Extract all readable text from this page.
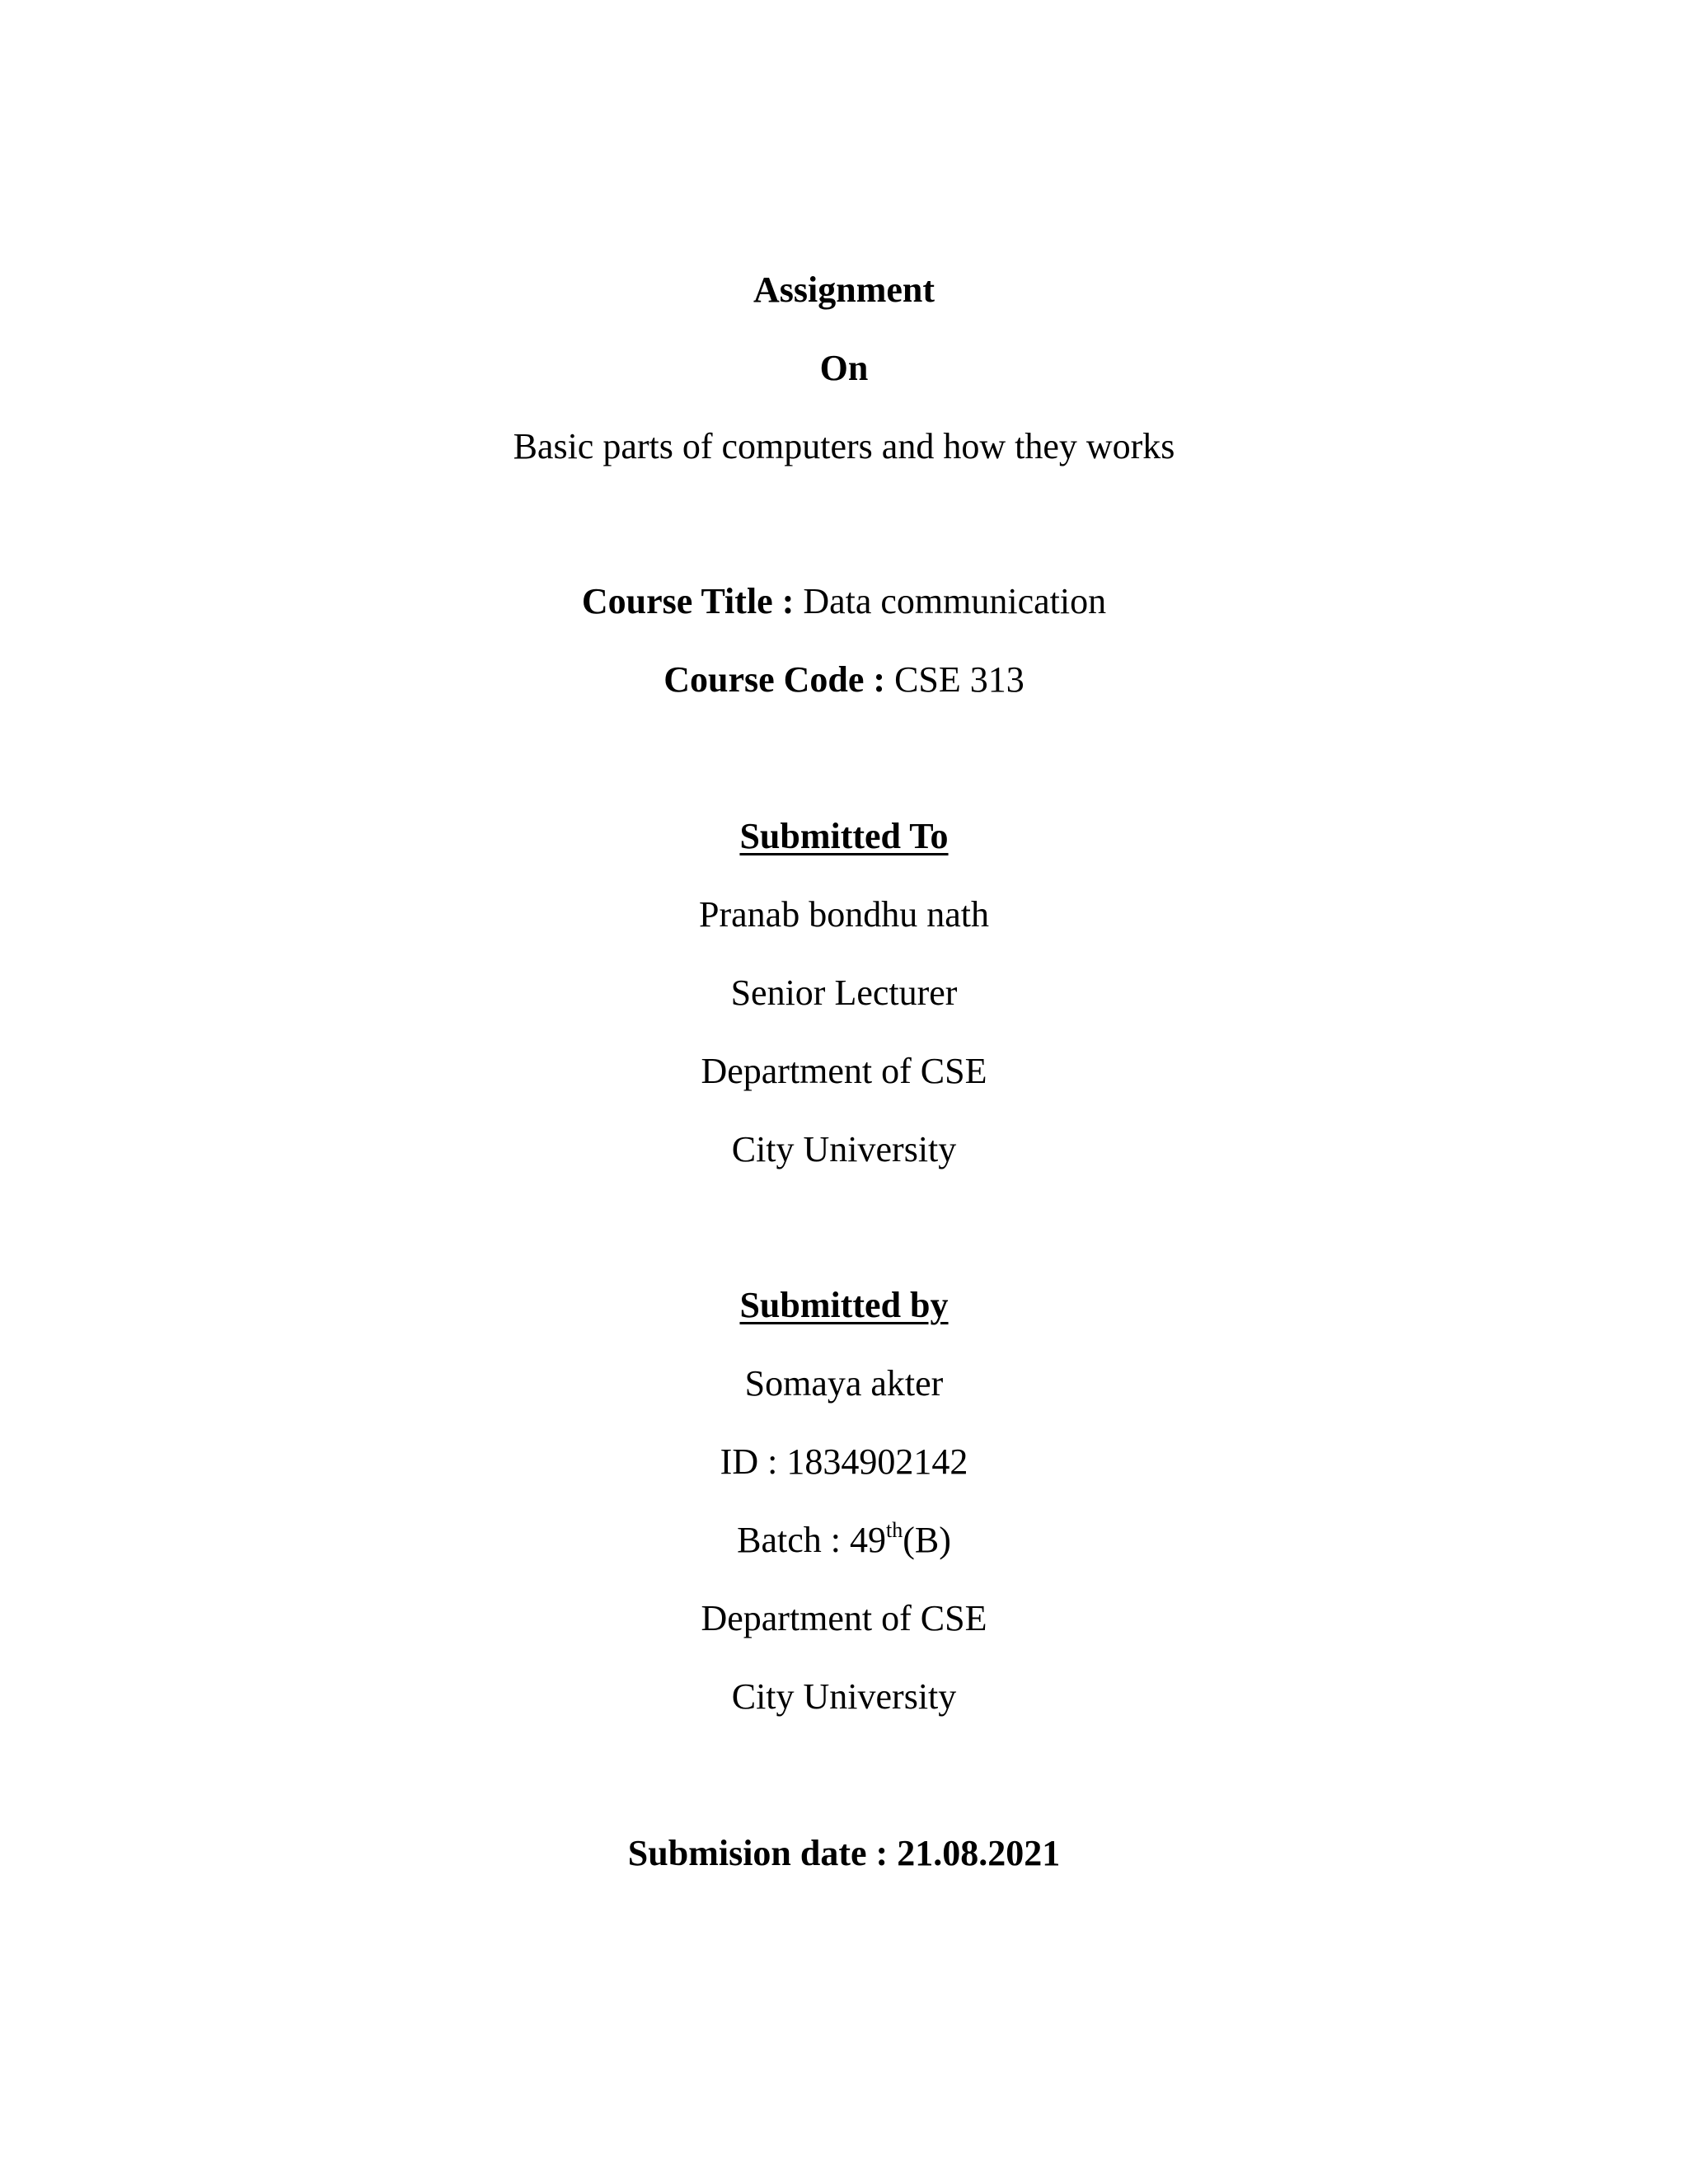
Assignment
On
Basic parts of computers and how they works
Course Title : Data communication
Course Code : CSE 313
Submitted To
Pranab bondhu nath
Senior Lecturer
Department of CSE
City University
Submitted by
Somaya akter
ID : 1834902142
Batch : 49th(B)
Department of CSE
City University
Submision date : 21.08.2021
